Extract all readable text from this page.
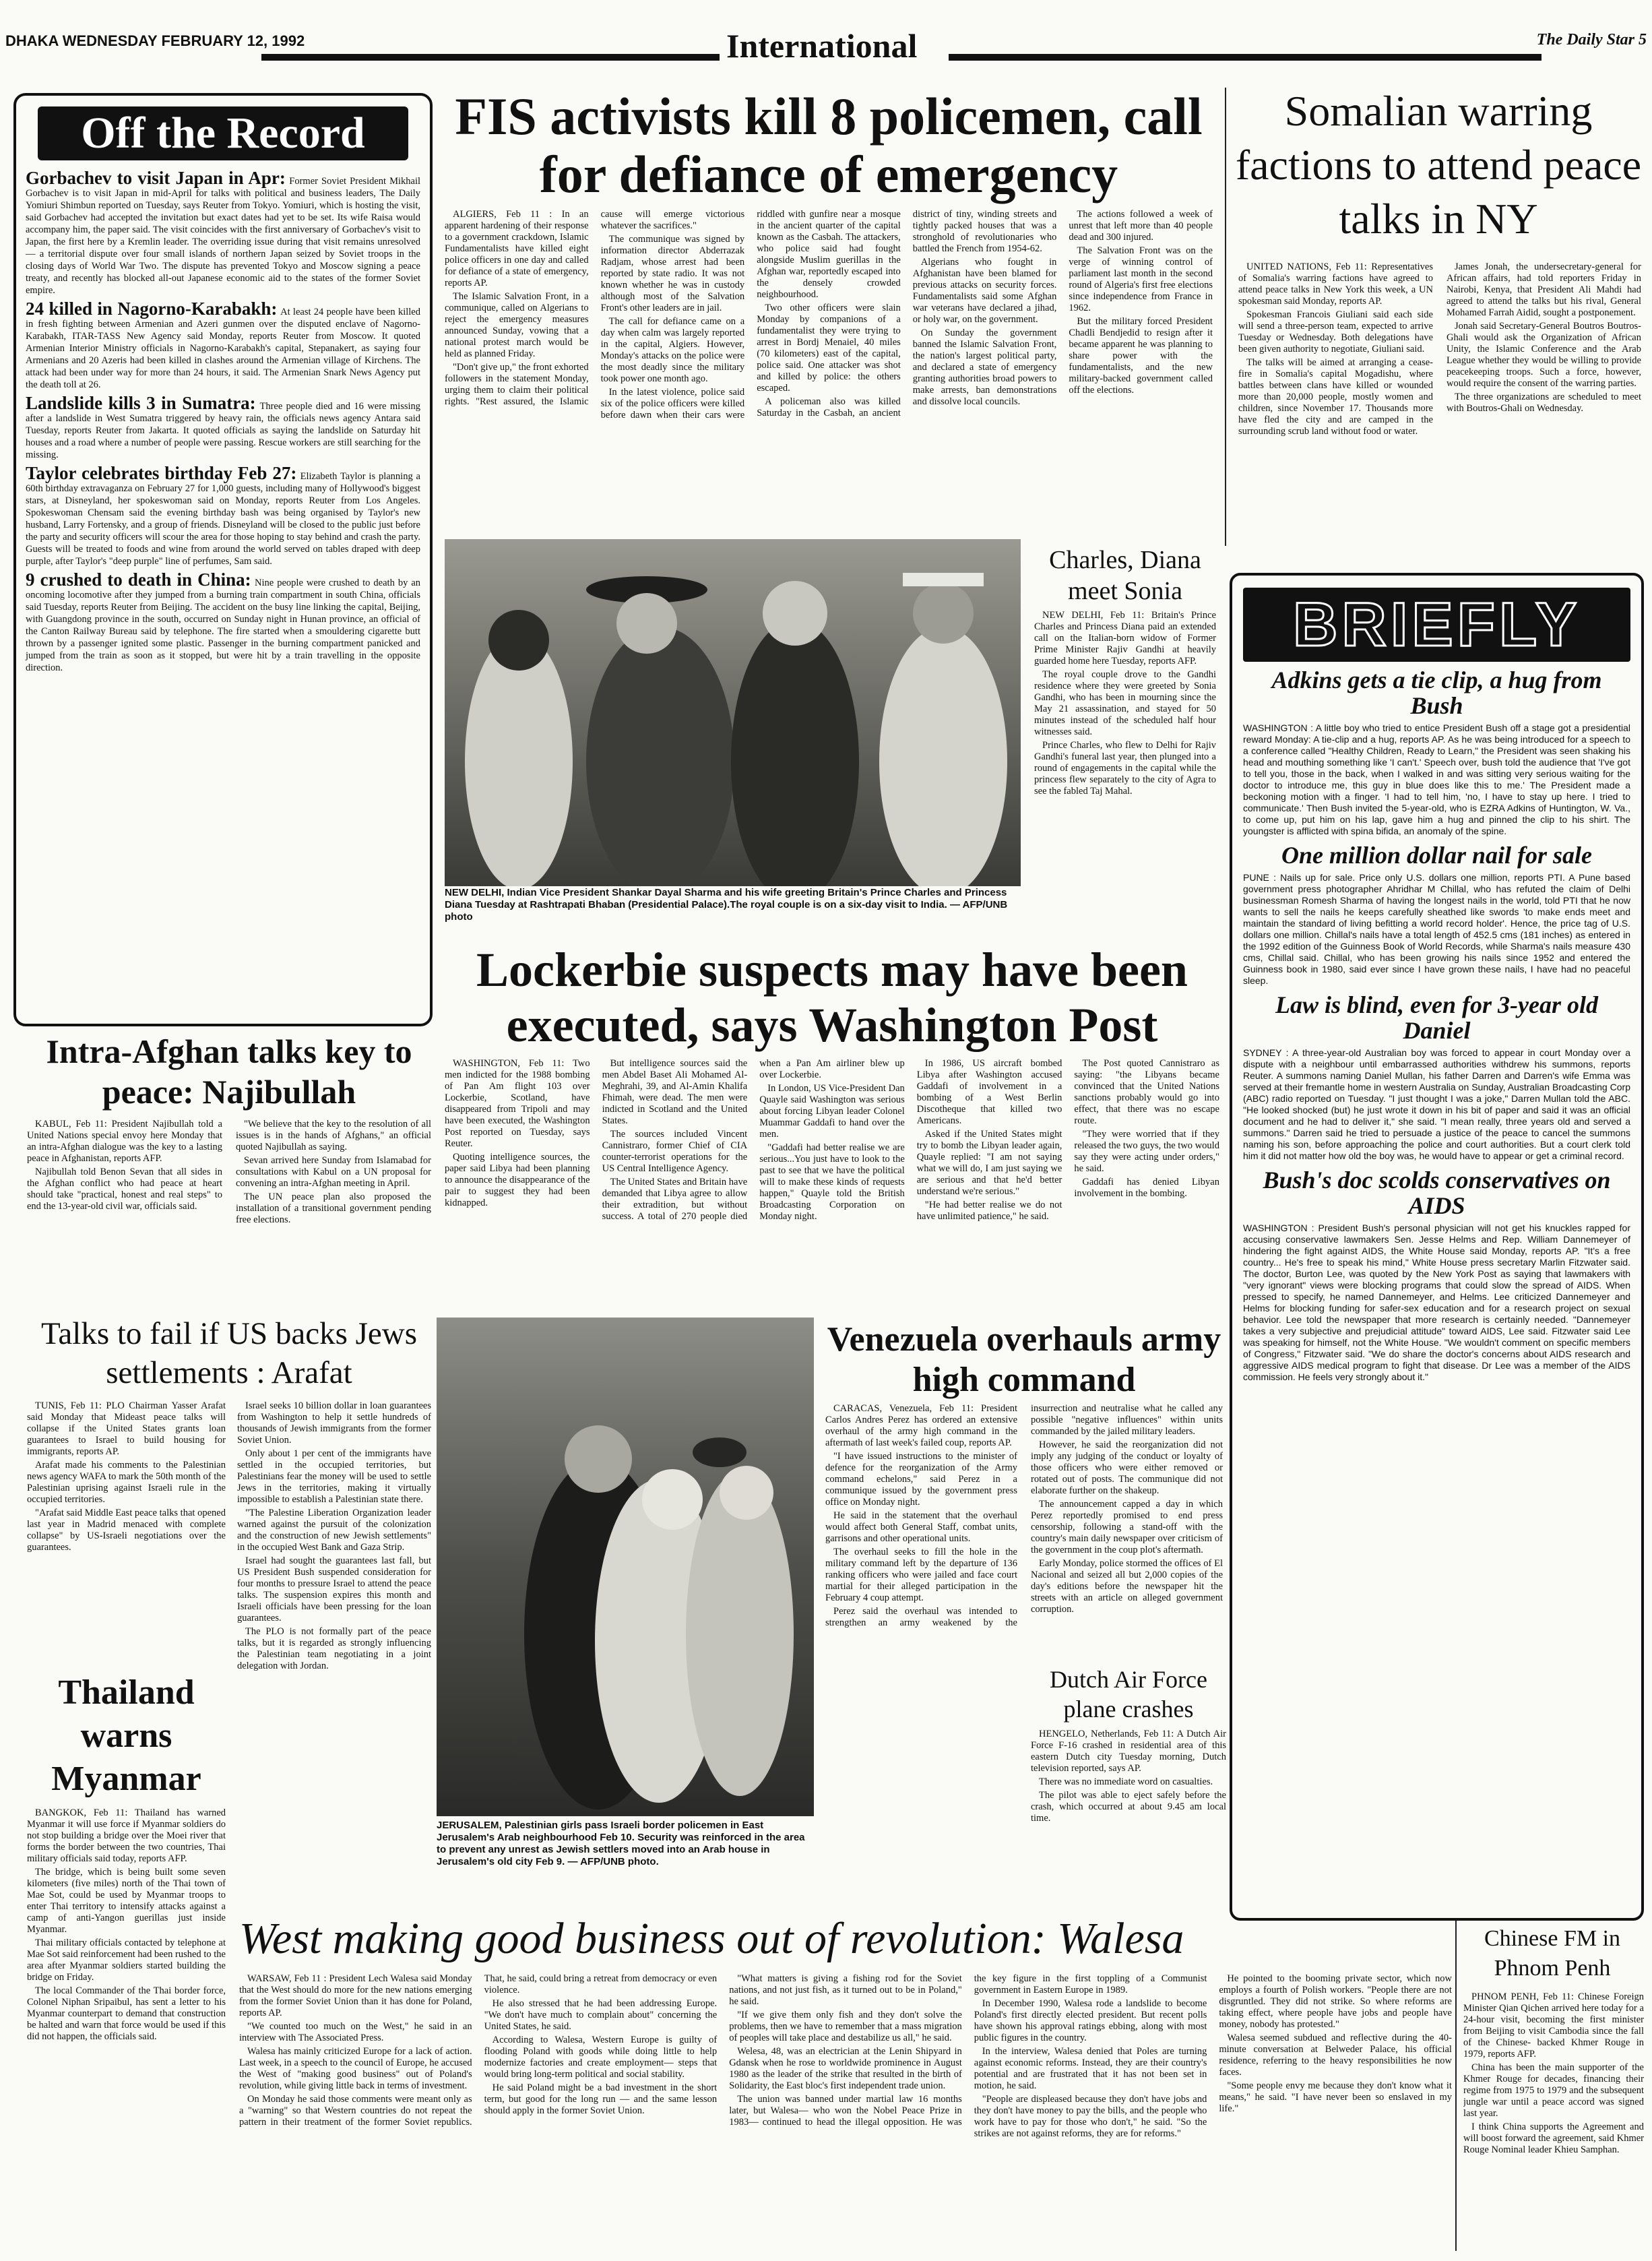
DHAKA WEDNESDAY FEBRUARY 12, 1992	International	The Daily Star 5
Off the Record

Gorbachev to visit Japan in Apr: Former Soviet President Mikhail Gorbachev is to visit Japan in mid-April for talks with political and business leaders, The Daily Yomiuri Shimbun reported on Tuesday, says Reuter from Tokyo. Yomiuri, which is hosting the visit, said Gorbachev had accepted the invitation but exact dates had yet to be set. Its wife Raisa would accompany him, the paper said. The visit coincides with the first anniversary of Gorbachev's visit to Japan, the first here by a Kremlin leader. The overriding issue during that visit remains unresolved — a territorial dispute over four small islands of northern Japan seized by Soviet troops in the closing days of World War Two. The dispute has prevented Tokyo and Moscow signing a peace treaty, and recently has blocked all-out Japanese economic aid to the states of the former Soviet empire.

24 killed in Nagorno-Karabakh: At least 24 people have been killed in fresh fighting between Armenian and Azeri gunmen over the disputed enclave of Nagorno-Karabakh, ITAR-TASS New Agency said Monday, reports Reuter from Moscow. It quoted Armenian Interior Ministry officials in Nagorno-Karabakh's capital, Stepanakert, as saying four Armenians and 20 Azeris had been killed in clashes around the Armenian village of Kirchens. The attack had been under way for more than 24 hours, it said. The Armenian Snark News Agency put the death toll at 26.

Landslide kills 3 in Sumatra: Three people died and 16 were missing after a landslide in West Sumatra triggered by heavy rain, the officials news agency Antara said Tuesday, reports Reuter from Jakarta. It quoted officials as saying the landslide on Saturday hit houses and a road where a number of people were passing. Rescue workers are still searching for the missing.

Taylor celebrates birthday Feb 27: Elizabeth Taylor is planning a 60th birthday extravaganza on February 27 for 1,000 guests, including many of Hollywood's biggest stars, at Disneyland, her spokeswoman said on Monday, reports Reuter from Los Angeles. Spokeswoman Chensam said the evening birthday bash was being organised by Taylor's new husband, Larry Fortensky, and a group of friends. Disneyland will be closed to the public just before the party and security officers will scour the area for those hoping to stay behind and crash the party. Guests will be treated to foods and wine from around the world served on tables draped with deep purple, after Taylor's "deep purple" line of perfumes, Sam said.

9 crushed to death in China: Nine people were crushed to death by an oncoming locomotive after they jumped from a burning train compartment in south China, officials said Tuesday, reports Reuter from Beijing. The accident on the busy line linking the capital, Beijing, with Guangdong province in the south, occurred on Sunday night in Hunan province, an official of the Canton Railway Bureau said by telephone. The fire started when a smouldering cigarette butt thrown by a passenger ignited some plastic. Passenger in the burning compartment panicked and jumped from the train as soon as it stopped, but were hit by a train travelling in the opposite direction.

FIS activists kill 8 policemen, call for defiance of emergency

ALGIERS, Feb 11 : In an apparent hardening of their response to a government crackdown, Islamic Fundamentalists have killed eight police officers in one day and called for defiance of a state of emergency, reports AP.

The Islamic Salvation Front, in a communique, called on Algerians to reject the emergency measures announced Sunday, vowing that a national protest march would be held as planned Friday.

"Don't give up," the front exhorted followers in the statement Monday, urging them to claim their political rights. "Rest assured, the Islamic cause will emerge victorious whatever the sacrifices."

The communique was signed by information director Abderrazak Radjam, whose arrest had been reported by state radio. It was not known whether he was in custody although most of the Salvation Front's other leaders are in jail.

The call for defiance came on a day when calm was largely reported in the capital, Algiers. However, Monday's attacks on the police were the most deadly since the military took power one month ago.

In the latest violence, police said six of the police officers were killed before dawn when their cars were riddled with gunfire near a mosque in the ancient quarter of the capital known as the Casbah. The attackers, who police said had fought alongside Muslim guerillas in the Afghan war, reportedly escaped into the densely crowded neighbourhood.

Two other officers were slain Monday by companions of a fundamentalist they were trying to arrest in Bordj Menaiel, 40 miles (70 kilometers) east of the capital, police said. One attacker was shot and killed by police: the others escaped.

A policeman also was killed Saturday in the Casbah, an ancient district of tiny, winding streets and tightly packed houses that was a stronghold of revolutionaries who battled the French from 1954-62.

Algerians who fought in Afghanistan have been blamed for previous attacks on security forces. Fundamentalists said some Afghan war veterans have declared a jihad, or holy war, on the government.

On Sunday the government banned the Islamic Salvation Front, the nation's largest political party, and declared a state of emergency granting authorities broad powers to make arrests, ban demonstrations and dissolve local councils.

The actions followed a week of unrest that left more than 40 people dead and 300 injured.

The Salvation Front was on the verge of winning control of parliament last month in the second round of Algeria's first free elections since independence from France in 1962.

But the military forced President Chadli Bendjedid to resign after it became apparent he was planning to share power with the fundamentalists, and the new military-backed government called off the elections.

Somalian warring factions to attend peace talks in NY

UNITED NATIONS, Feb 11: Representatives of Somalia's warring factions have agreed to attend peace talks in New York this week, a UN spokesman said Monday, reports AP.

Spokesman Francois Giuliani said each side will send a three-person team, expected to arrive Tuesday or Wednesday. Both delegations have been given authority to negotiate, Giuliani said.

The talks will be aimed at arranging a cease-fire in Somalia's capital Mogadishu, where battles between clans have killed or wounded more than 20,000 people, mostly women and children, since November 17. Thousands more have fled the city and are camped in the surrounding scrub land without food or water.

James Jonah, the undersecretary-general for African affairs, had told reporters Friday in Nairobi, Kenya, that President Ali Mahdi had agreed to attend the talks but his rival, General Mohamed Farrah Aidid, sought a postponement.

Jonah said Secretary-General Boutros Boutros-Ghali would ask the Organization of African Unity, the Islamic Conference and the Arab League whether they would be willing to provide peacekeeping troops. Such a force, however, would require the consent of the warring parties.

The three organizations are scheduled to meet with Boutros-Ghali on Wednesday.

NEW DELHI, Indian Vice President Shankar Dayal Sharma and his wife greeting Britain's Prince Charles and Princess Diana Tuesday at Rashtrapati Bhaban (Presidential Palace).The royal couple is on a six-day visit to India. — AFP/UNB photo
Charles, Diana meet Sonia

NEW DELHI, Feb 11: Britain's Prince Charles and Princess Diana paid an extended call on the Italian-born widow of Former Prime Minister Rajiv Gandhi at heavily guarded home here Tuesday, reports AFP.

The royal couple drove to the Gandhi residence where they were greeted by Sonia Gandhi, who has been in mourning since the May 21 assassination, and stayed for 50 minutes instead of the scheduled half hour witnesses said.

Prince Charles, who flew to Delhi for Rajiv Gandhi's funeral last year, then plunged into a round of engagements in the capital while the princess flew separately to the city of Agra to see the fabled Taj Mahal.

BRIEFLY
Adkins gets a tie clip, a hug from Bush
WASHINGTON : A little boy who tried to entice President Bush off a stage got a presidential reward Monday: A tie-clip and a hug, reports AP. As he was being introduced for a speech to a conference called "Healthy Children, Ready to Learn," the President was seen shaking his head and mouthing something like 'I can't.' Speech over, bush told the audience that 'I've got to tell you, those in the back, when I walked in and was sitting very serious waiting for the doctor to introduce me, this guy in blue does like this to me.' The President made a beckoning motion with a finger. 'I had to tell him, 'no, I have to stay up here. I tried to communicate.' Then Bush invited the 5-year-old, who is EZRA Adkins of Huntington, W. Va., to come up, put him on his lap, gave him a hug and pinned the clip to his shirt. The youngster is afflicted with spina bifida, an anomaly of the spine.
One million dollar nail for sale
PUNE : Nails up for sale. Price only U.S. dollars one million, reports PTI. A Pune based government press photographer Ahridhar M Chillal, who has refuted the claim of Delhi businessman Romesh Sharma of having the longest nails in the world, told PTI that he now wants to sell the nails he keeps carefully sheathed like swords 'to make ends meet and maintain the standard of living befitting a world record holder'. Hence, the price tag of U.S. dollars one million. Chillal's nails have a total length of 452.5 cms (181 inches) as entered in the 1992 edition of the Guinness Book of World Records, while Sharma's nails measure 430 cms, Chillal said. Chillal, who has been growing his nails since 1952 and entered the Guinness book in 1980, said ever since I have grown these nails, I have had no peaceful sleep.
Law is blind, even for 3-year old Daniel
SYDNEY : A three-year-old Australian boy was forced to appear in court Monday over a dispute with a neighbour until embarrassed authorities withdrew his summons, reports Reuter. A summons naming Daniel Mullan, his father Darren and Darren's wife Emma was served at their fremantle home in western Australia on Sunday, Australian Broadcasting Corp (ABC) radio reported on Tuesday. "I just thought I was a joke," Darren Mullan told the ABC. "He looked shocked (but) he just wrote it down in his bit of paper and said it was an official document and he had to deliver it," she said. "I mean really, three years old and served a summons." Darren said he tried to persuade a justice of the peace to cancel the summons naming his son, before approaching the police and court authorities. But a court clerk told him it did not matter how old the boy was, he would have to appear or get a criminal record.
Bush's doc scolds conservatives on AIDS
WASHINGTON : President Bush's personal physician will not get his knuckles rapped for accusing conservative lawmakers Sen. Jesse Helms and Rep. William Dannemeyer of hindering the fight against AIDS, the White House said Monday, reports AP. "It's a free country... He's free to speak his mind," White House press secretary Marlin Fitzwater said. The doctor, Burton Lee, was quoted by the New York Post as saying that lawmakers with "very ignorant" views were blocking programs that could slow the spread of AIDS. When pressed to specify, he named Dannemeyer, and Helms. Lee criticized Dannemeyer and Helms for blocking funding for safer-sex education and for a research project on sexual behavior. Lee told the newspaper that more research is certainly needed. "Dannemeyer takes a very subjective and prejudicial attitude" toward AIDS, Lee said. Fitzwater said Lee was speaking for himself, not the White House. "We wouldn't comment on specific members of Congress," Fitzwater said. "We do share the doctor's concerns about AIDS research and aggressive AIDS medical program to fight that disease. Dr Lee was a member of the AIDS commission. He feels very strongly about it."
Lockerbie suspects may have been executed, says Washington Post

WASHINGTON, Feb 11: Two men indicted for the 1988 bombing of Pan Am flight 103 over Lockerbie, Scotland, have disappeared from Tripoli and may have been executed, the Washington Post reported on Tuesday, says Reuter.

Quoting intelligence sources, the paper said Libya had been planning to announce the disappearance of the pair to suggest they had been kidnapped.

But intelligence sources said the men Abdel Baset Ali Mohamed Al- Meghrahi, 39, and Al-Amin Khalifa Fhimah, were dead. The men were indicted in Scotland and the United States.

The sources included Vincent Cannistraro, former Chief of CIA counter-terrorist operations for the US Central Intelligence Agency.

The United States and Britain have demanded that Libya agree to allow their extradition, but without success. A total of 270 people died when a Pan Am airliner blew up over Lockerbie.

In London, US Vice-President Dan Quayle said Washington was serious about forcing Libyan leader Colonel Muammar Gaddafi to hand over the men.

"Gaddafi had better realise we are serious...You just have to look to the past to see that we have the political will to make these kinds of requests happen," Quayle told the British Broadcasting Corporation on Monday night.

In 1986, US aircraft bombed Libya after Washington accused Gaddafi of involvement in a bombing of a West Berlin Discotheque that killed two Americans.

Asked if the United States might try to bomb the Libyan leader again, Quayle replied: "I am not saying what we will do, I am just saying we are serious and that he'd better understand we're serious."

"He had better realise we do not have unlimited patience," he said.

The Post quoted Cannistraro as saying: "the Libyans became convinced that the United Nations sanctions probably would go into effect, that there was no escape route.

"They were worried that if they released the two guys, the two would say they were acting under orders," he said.

Gaddafi has denied Libyan involvement in the bombing.

Intra-Afghan talks key to peace: Najibullah

KABUL, Feb 11: President Najibullah told a United Nations special envoy here Monday that an intra-Afghan dialogue was the key to a lasting peace in Afghanistan, reports AFP.

Najibullah told Benon Sevan that all sides in the Afghan conflict who had peace at heart should take "practical, honest and real steps" to end the 13-year-old civil war, officials said.

"We believe that the key to the resolution of all issues is in the hands of Afghans," an official quoted Najibullah as saying.

Sevan arrived here Sunday from Islamabad for consultations with Kabul on a UN proposal for convening an intra-Afghan meeting in April.

The UN peace plan also proposed the installation of a transitional government pending free elections.

Talks to fail if US backs Jews settlements : Arafat

TUNIS, Feb 11: PLO Chairman Yasser Arafat said Monday that Mideast peace talks will collapse if the United States grants loan guarantees to Israel to build housing for immigrants, reports AP.

Arafat made his comments to the Palestinian news agency WAFA to mark the 50th month of the Palestinian uprising against Israeli rule in the occupied territories.

"Arafat said Middle East peace talks that opened last year in Madrid menaced with complete collapse" by US-Israeli negotiations over the guarantees.

Israel seeks 10 billion dollar in loan guarantees from Washington to help it settle hundreds of thousands of Jewish immigrants from the former Soviet Union.

Only about 1 per cent of the immigrants have settled in the occupied territories, but Palestinians fear the money will be used to settle Jews in the territories, making it virtually impossible to establish a Palestinian state there.

"The Palestine Liberation Organization leader warned against the pursuit of the colonization and the construction of new Jewish settlements" in the occupied West Bank and Gaza Strip.

Israel had sought the guarantees last fall, but US President Bush suspended consideration for four months to pressure Israel to attend the peace talks. The suspension expires this month and Israeli officials have been pressing for the loan guarantees.

The PLO is not formally part of the peace talks, but it is regarded as strongly influencing the Palestinian team negotiating in a joint delegation with Jordan.

Thailand warns Myanmar

BANGKOK, Feb 11: Thailand has warned Myanmar it will use force if Myanmar soldiers do not stop building a bridge over the Moei river that forms the border between the two countries, Thai military officials said today, reports AFP.

The bridge, which is being built some seven kilometers (five miles) north of the Thai town of Mae Sot, could be used by Myanmar troops to enter Thai territory to intensify attacks against a camp of anti-Yangon guerillas just inside Myanmar.

Thai military officials contacted by telephone at Mae Sot said reinforcement had been rushed to the area after Myanmar soldiers started building the bridge on Friday.

The local Commander of the Thai border force, Colonel Niphan Sripaibul, has sent a letter to his Myanmar counterpart to demand that construction be halted and warn that force would be used if this did not happen, the officials said.

JERUSALEM, Palestinian girls pass Israeli border policemen in East Jerusalem's Arab neighbourhood Feb 10. Security was reinforced in the area to prevent any unrest as Jewish settlers moved into an Arab house in Jerusalem's old city Feb 9. — AFP/UNB photo.
Venezuela overhauls army high command

CARACAS, Venezuela, Feb 11: President Carlos Andres Perez has ordered an extensive overhaul of the army high command in the aftermath of last week's failed coup, reports AP.

"I have issued instructions to the minister of defence for the reorganization of the Army command echelons," said Perez in a communique issued by the government press office on Monday night.

He said in the statement that the overhaul would affect both General Staff, combat units, garrisons and other operational units.

The overhaul seeks to fill the hole in the military command left by the departure of 136 ranking officers who were jailed and face court martial for their alleged participation in the February 4 coup attempt.

Perez said the overhaul was intended to strengthen an army weakened by the insurrection and neutralise what he called any possible "negative influences" within units commanded by the jailed military leaders.

However, he said the reorganization did not imply any judging of the conduct or loyalty of those officers who were either removed or rotated out of posts. The communique did not elaborate further on the shakeup.

The announcement capped a day in which Perez reportedly promised to end press censorship, following a stand-off with the country's main daily newspaper over criticism of the government in the coup plot's aftermath.

Early Monday, police stormed the offices of El Nacional and seized all but 2,000 copies of the day's editions before the newspaper hit the streets with an article on alleged government corruption.

Dutch Air Force plane crashes

HENGELO, Netherlands, Feb 11: A Dutch Air Force F-16 crashed in residential area of this eastern Dutch city Tuesday morning, Dutch television reported, says AP.

There was no immediate word on casualties.

The pilot was able to eject safely before the crash, which occurred at about 9.45 am local time.

West making good business out of revolution: Walesa

WARSAW, Feb 11 : President Lech Walesa said Monday that the West should do more for the new nations emerging from the former Soviet Union than it has done for Poland, reports AP.

"We counted too much on the West," he said in an interview with The Associated Press.

Walesa has mainly criticized Europe for a lack of action. Last week, in a speech to the council of Europe, he accused the West of "making good business" out of Poland's revolution, while giving little back in terms of investment.

On Monday he said those comments were meant only as a "warning" so that Western countries do not repeat the pattern in their treatment of the former Soviet republics. That, he said, could bring a retreat from democracy or even violence.

He also stressed that he had been addressing Europe. "We don't have much to complain about" concerning the United States, he said.

According to Walesa, Western Europe is guilty of flooding Poland with goods while doing little to help modernize factories and create employment— steps that would bring long-term political and social stability.

He said Poland might be a bad investment in the short term, but good for the long run — and the same lesson should apply in the former Soviet Union.

"What matters is giving a fishing rod for the Soviet nations, and not just fish, as it turned out to be in Poland," he said.

"If we give them only fish and they don't solve the problems, then we have to remember that a mass migration of peoples will take place and destabilize us all," he said.

Welesa, 48, was an electrician at the Lenin Shipyard in Gdansk when he rose to worldwide prominence in August 1980 as the leader of the strike that resulted in the birth of Solidarity, the East bloc's first independent trade union.

The union was banned under martial law 16 months later, but Walesa— who won the Nobel Peace Prize in 1983— continued to head the illegal opposition. He was the key figure in the first toppling of a Communist government in Eastern Europe in 1989.

In December 1990, Walesa rode a landslide to become Poland's first directly elected president. But recent polls have shown his approval ratings ebbing, along with most public figures in the country.

In the interview, Walesa denied that Poles are turning against economic reforms. Instead, they are their country's potential and are frustrated that it has not been set in motion, he said.

"People are displeased because they don't have jobs and they don't have money to pay the bills, and the people who work have to pay for those who don't," he said. "So the strikes are not against reforms, they are for reforms."

He pointed to the booming private sector, which now employs a fourth of Polish workers. "People there are not disgruntled. They did not strike. So where reforms are taking effect, where people have jobs and people have money, nobody has protested."

Walesa seemed subdued and reflective during the 40-minute conversation at Belweder Palace, his official residence, referring to the heavy responsibilities he now faces.

"Some people envy me because they don't know what it means," he said. "I have never been so enslaved in my life."

Chinese FM in Phnom Penh

PHNOM PENH, Feb 11: Chinese Foreign Minister Qian Qichen arrived here today for a 24-hour visit, becoming the first minister from Beijing to visit Cambodia since the fall of the Chinese- backed Khmer Rouge in 1979, reports AFP.

China has been the main supporter of the Khmer Rouge for decades, financing their regime from 1975 to 1979 and the subsequent jungle war until a peace accord was signed last year.

I think China supports the Agreement and will boost forward the agreement, said Khmer Rouge Nominal leader Khieu Samphan.
